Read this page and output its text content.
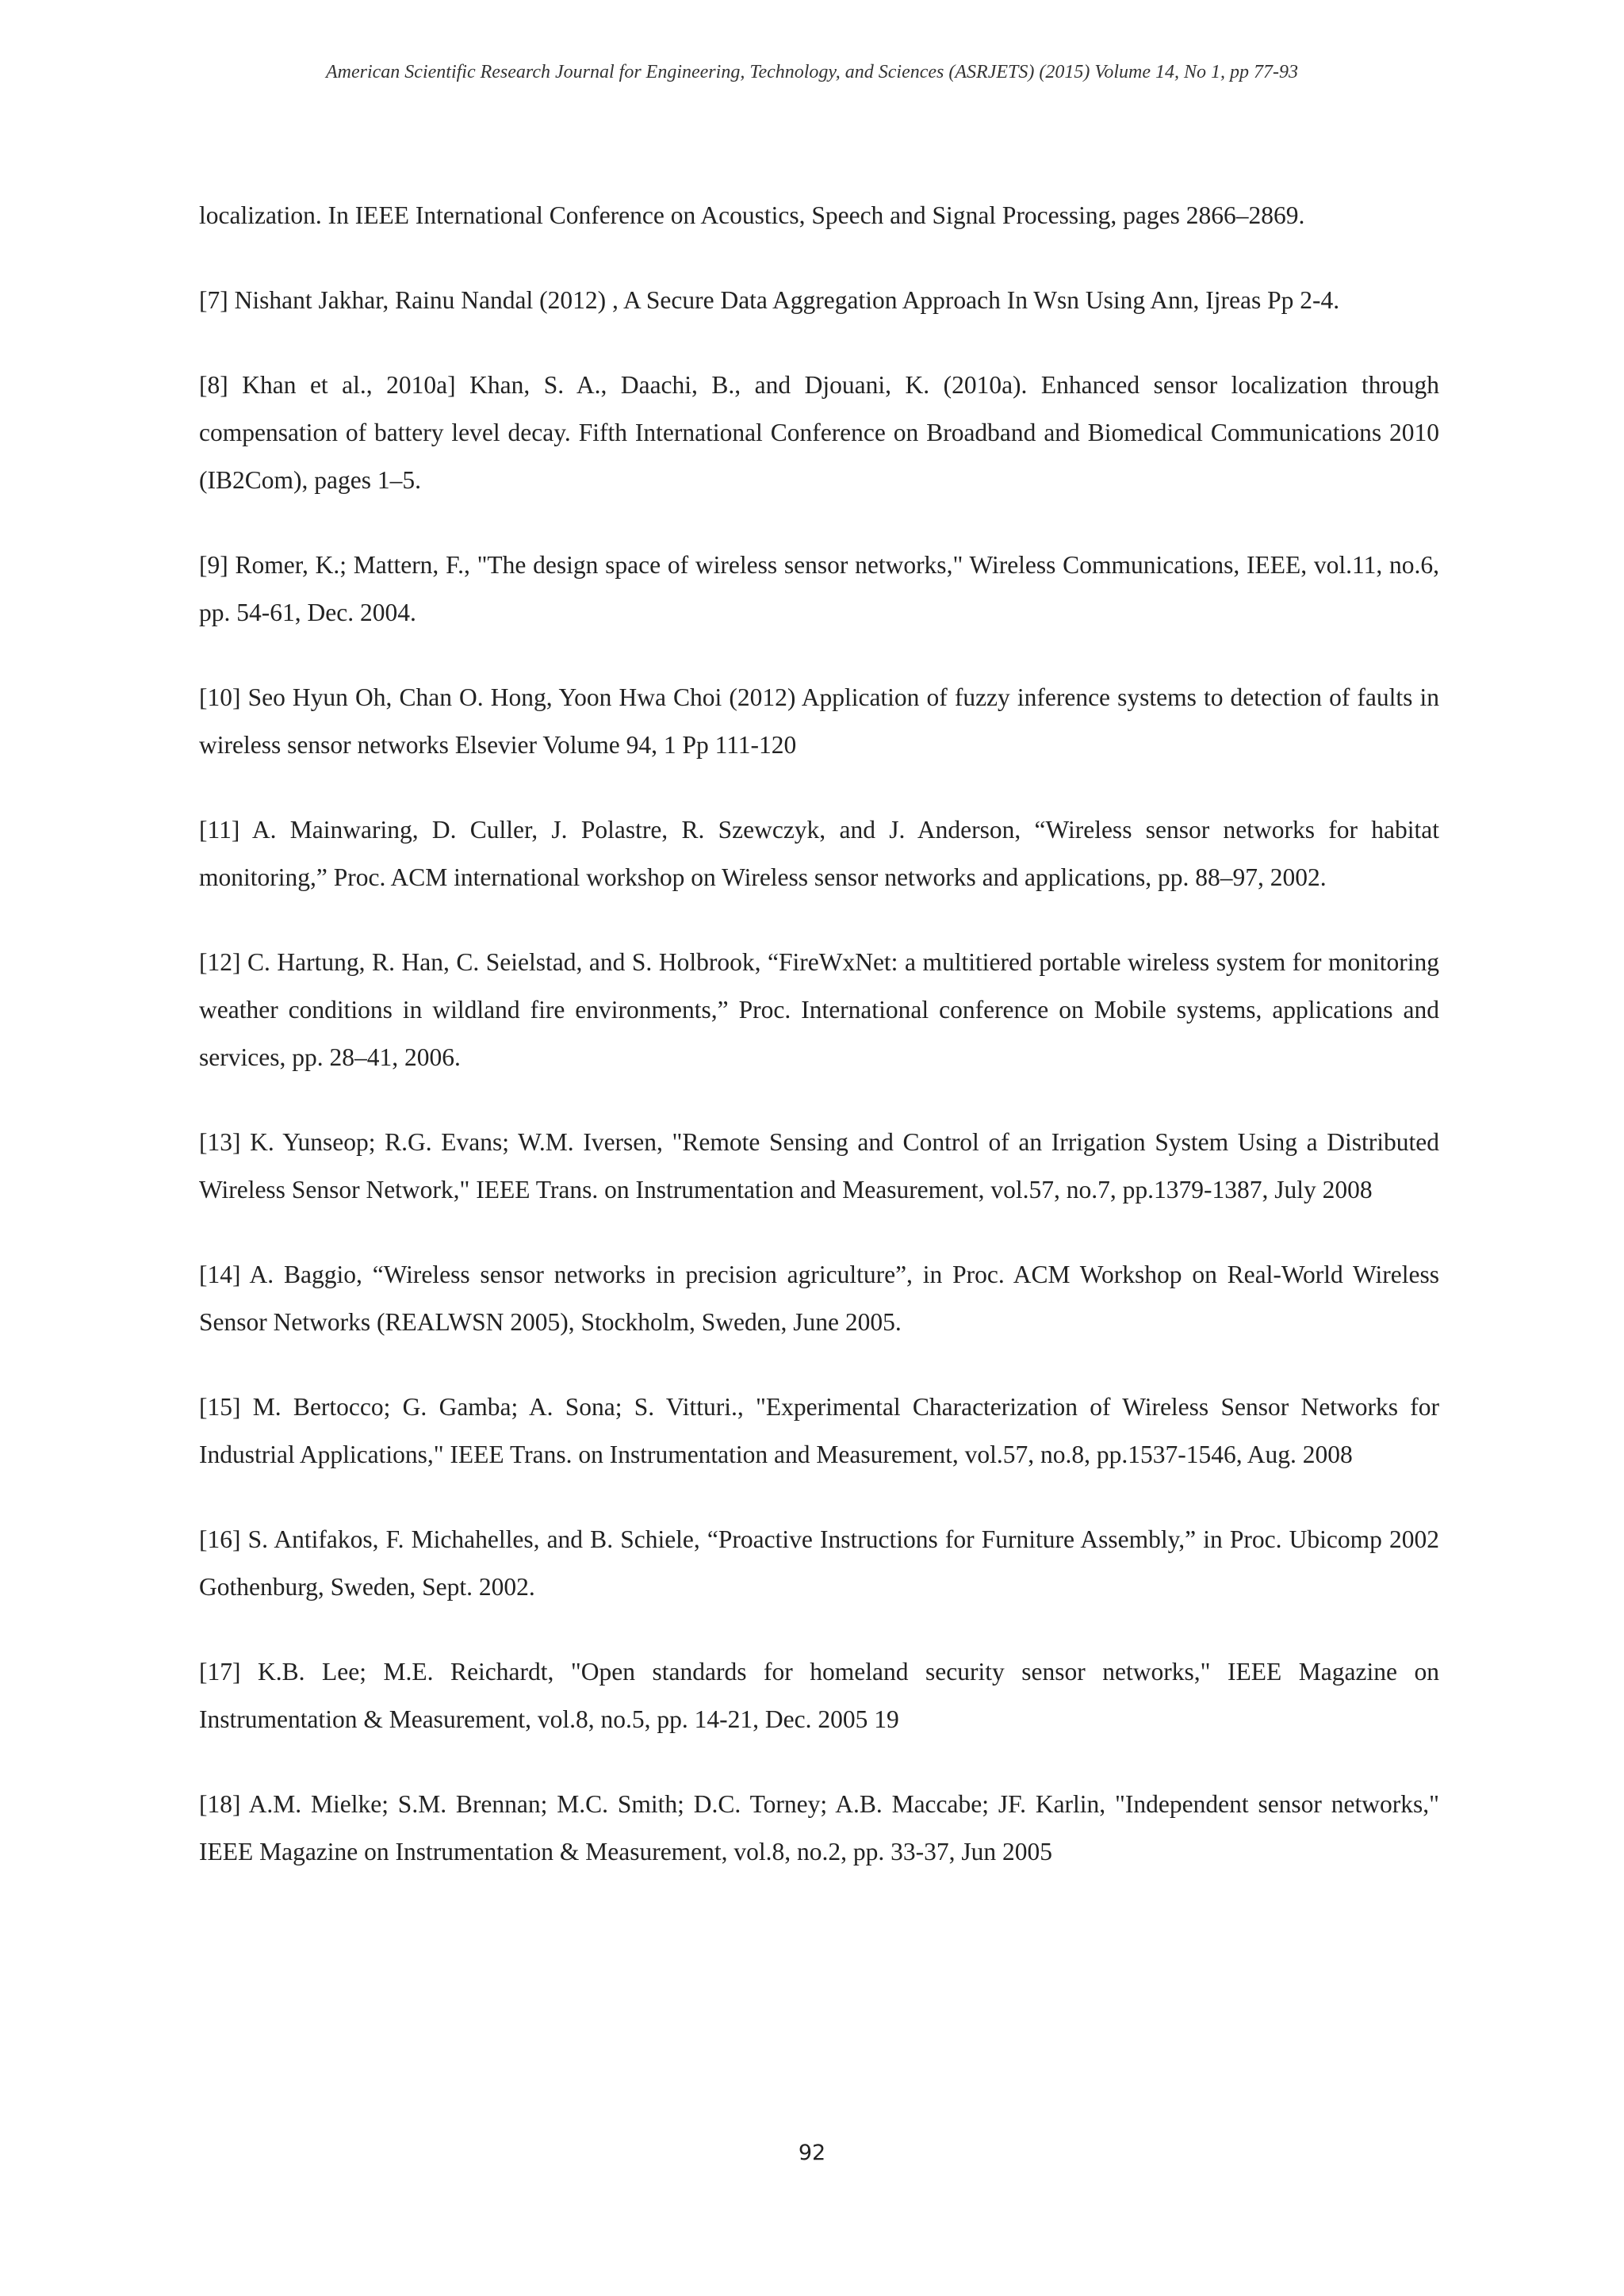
American Scientific Research Journal for Engineering, Technology, and Sciences (ASRJETS) (2015) Volume 14, No 1, pp 77-93

localization. In IEEE International Conference on Acoustics, Speech and Signal Processing, pages 2866–2869.

[7] Nishant Jakhar, Rainu Nandal (2012) , A Secure Data Aggregation Approach In Wsn Using Ann, Ijreas Pp 2-4.

[8] Khan et al., 2010a] Khan, S. A., Daachi, B., and Djouani, K. (2010a). Enhanced sensor localization through compensation of battery level decay. Fifth International Conference on Broadband and Biomedical Communications 2010 (IB2Com), pages 1–5.

[9] Romer, K.; Mattern, F., "The design space of wireless sensor networks," Wireless Communications, IEEE, vol.11, no.6, pp. 54-61, Dec. 2004.

[10] Seo Hyun Oh, Chan O. Hong, Yoon Hwa Choi (2012) Application of fuzzy inference systems to detection of faults in wireless sensor networks Elsevier Volume 94, 1 Pp 111-120

[11] A. Mainwaring, D. Culler, J. Polastre, R. Szewczyk, and J. Anderson, “Wireless sensor networks for habitat monitoring,” Proc. ACM international workshop on Wireless sensor networks and applications, pp. 88–97, 2002.

[12] C. Hartung, R. Han, C. Seielstad, and S. Holbrook, “FireWxNet: a multitiered portable wireless system for monitoring weather conditions in wildland fire environments,” Proc. International conference on Mobile systems, applications and services, pp. 28–41, 2006.

[13] K. Yunseop; R.G. Evans; W.M. Iversen, "Remote Sensing and Control of an Irrigation System Using a Distributed Wireless Sensor Network," IEEE Trans. on Instrumentation and Measurement, vol.57, no.7, pp.1379-1387, July 2008

[14] A. Baggio, “Wireless sensor networks in precision agriculture”, in Proc. ACM Workshop on Real-World Wireless Sensor Networks (REALWSN 2005), Stockholm, Sweden, June 2005.

[15] M. Bertocco; G. Gamba; A. Sona; S. Vitturi., "Experimental Characterization of Wireless Sensor Networks for Industrial Applications," IEEE Trans. on Instrumentation and Measurement, vol.57, no.8, pp.1537-1546, Aug. 2008

[16] S. Antifakos, F. Michahelles, and B. Schiele, “Proactive Instructions for Furniture Assembly,” in Proc. Ubicomp 2002 Gothenburg, Sweden, Sept. 2002.

[17] K.B. Lee; M.E. Reichardt, "Open standards for homeland security sensor networks," IEEE Magazine on Instrumentation & Measurement, vol.8, no.5, pp. 14-21, Dec. 2005 19

[18] A.M. Mielke; S.M. Brennan; M.C. Smith; D.C. Torney; A.B. Maccabe; JF. Karlin, "Independent sensor networks," IEEE Magazine on Instrumentation & Measurement, vol.8, no.2, pp. 33-37, Jun 2005

92
